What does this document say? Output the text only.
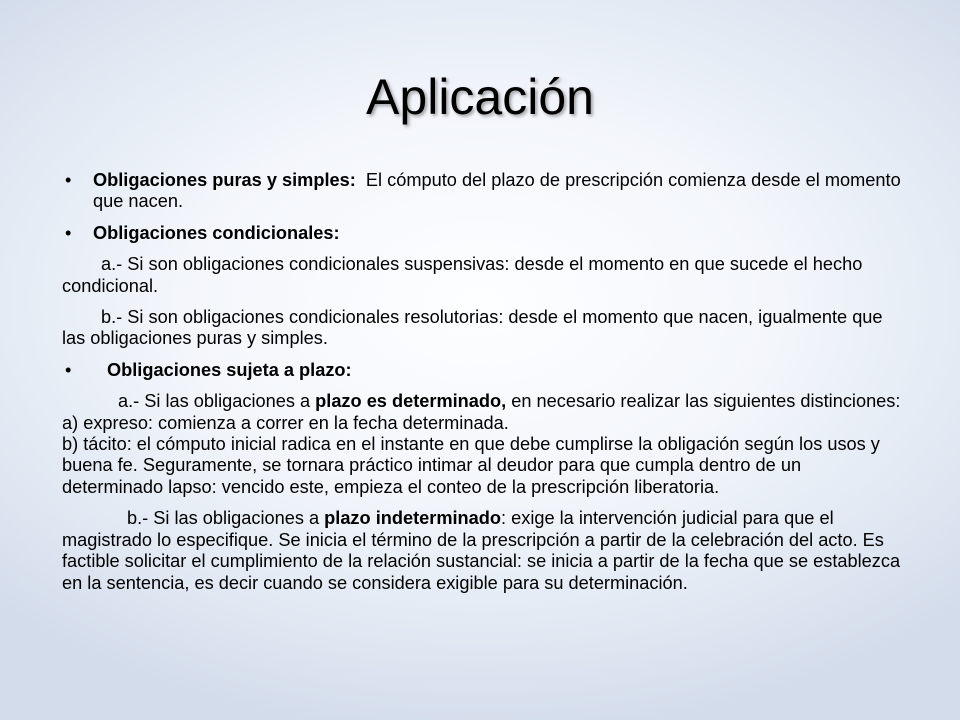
Aplicación
• Obligaciones puras y simples:  El cómputo del plazo de prescripción comienza desde el momento que nacen.
• Obligaciones condicionales:
a.- Si son obligaciones condicionales suspensivas: desde el momento en que sucede el hecho condicional.
b.- Si son obligaciones condicionales resolutorias: desde el momento que nacen, igualmente que las obligaciones puras y simples.
• Obligaciones sujeta a plazo:
a.- Si las obligaciones a plazo es determinado, en necesario realizar las siguientes distinciones: a) expreso: comienza a correr en la fecha determinada.
b) tácito: el cómputo inicial radica en el instante en que debe cumplirse la obligación según los usos y buena fe. Seguramente, se tornara práctico intimar al deudor para que cumpla dentro de un determinado lapso: vencido este, empieza el conteo de la prescripción liberatoria.
b.- Si las obligaciones a plazo indeterminado: exige la intervención judicial para que el magistrado lo especifique. Se inicia el término de la prescripción a partir de la celebración del acto. Es factible solicitar el cumplimiento de la relación sustancial: se inicia a partir de la fecha que se establezca en la sentencia, es decir cuando se considera exigible para su determinación.
